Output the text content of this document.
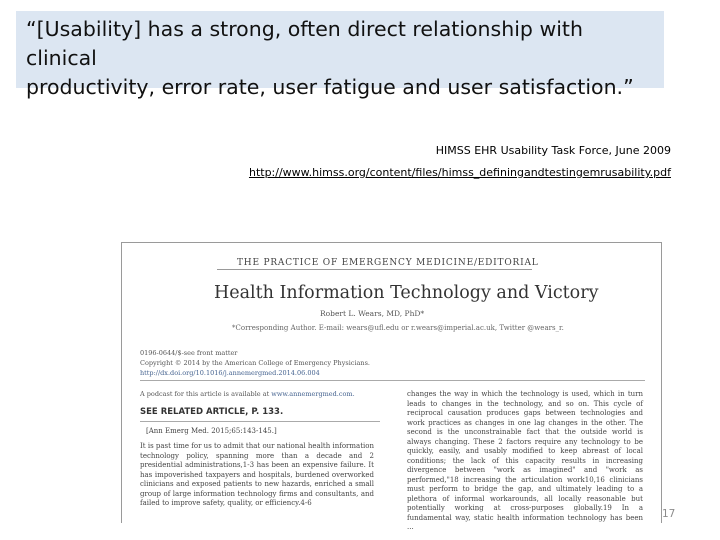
“[Usability] has a strong, often direct relationship with clinical
productivity, error rate, user fatigue and user satisfaction.”
HIMSS EHR Usability Task Force, June 2009
http://www.himss.org/content/files/himss_definingandtestingemrusability.pdf
THE PRACTICE OF EMERGENCY MEDICINE/EDITORIAL
Health Information Technology and Victory
Robert L. Wears, MD, PhD*
*Corresponding Author. E-mail: wears@ufl.edu or r.wears@imperial.ac.uk, Twitter @wears_r.
0196-0644/$-see front matter
Copyright © 2014 by the American College of Emergency Physicians.
http://dx.doi.org/10.1016/j.annemergmed.2014.06.004
A podcast for this article is available at www.annemergmed.com.
SEE RELATED ARTICLE, P. 133.
[Ann Emerg Med. 2015;65:143-145.]

It is past time for us to admit that our national health information technology policy, spanning more than a decade and 2 presidential administrations,1-3 has been an expensive failure. It has impoverished taxpayers and hospitals, burdened overworked clinicians and exposed patients to new hazards, enriched a small group of large information technology firms and consultants, and failed to improve safety, quality, or efficiency.4-6

changes the way in which the technology is used, which in turn leads to changes in the technology, and so on. This cycle of reciprocal causation produces gaps between technologies and work practices as changes in one lag changes in the other. The second is the unconstrainable fact that the outside world is always changing. These 2 factors require any technology to be quickly, easily, and usably modified to keep abreast of local conditions; the lack of this capacity results in increasing divergence between "work as imagined" and "work as performed,"18 increasing the articulation work10,16 clinicians must perform to bridge the gap, and ultimately leading to a plethora of informal workarounds, all locally reasonable but potentially working at cross-purposes globally.19 In a fundamental way, static health information technology has been ...

17
